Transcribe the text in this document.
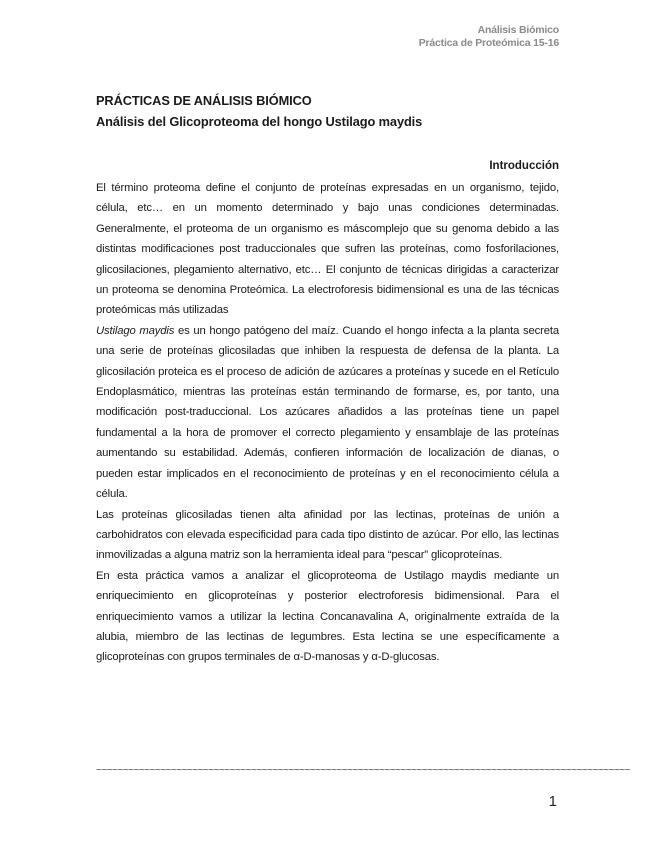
Análisis Biómico
Práctica de Proteómica 15-16
PRÁCTICAS DE ANÁLISIS BIÓMICO
Análisis del Glicoproteoma del hongo Ustilago maydis
Introducción

El término proteoma define el conjunto de proteínas expresadas en un organismo, tejido, célula, etc… en un momento determinado y bajo unas condiciones determinadas. Generalmente, el proteoma de un organismo es máscomplejo que su genoma debido a las distintas modificaciones post traduccionales que sufren las proteínas, como fosforilaciones, glicosilaciones, plegamiento alternativo, etc… El conjunto de técnicas dirigidas a caracterizar un proteoma se denomina Proteómica. La electroforesis bidimensional es una de las técnicas proteómicas más utilizadas

Ustilago maydis es un hongo patógeno del maíz. Cuando el hongo infecta a la planta secreta una serie de proteínas glicosiladas que inhiben la respuesta de defensa de la planta. La glicosilación proteica es el proceso de adición de azúcares a proteínas y sucede en el Retículo Endoplasmático, mientras las proteínas están terminando de formarse, es, por tanto, una modificación post-traduccional. Los azúcares añadidos a las proteínas tiene un papel fundamental a la hora de promover el correcto plegamiento y ensamblaje de las proteínas aumentando su estabilidad. Además, confieren información de localización de dianas, o pueden estar implicados en el reconocimiento de proteínas y en el reconocimiento célula a célula.

Las proteínas glicosiladas tienen alta afinidad por las lectinas, proteínas de unión a carbohidratos con elevada especificidad para cada tipo distinto de azúcar. Por ello, las lectinas inmovilizadas a alguna matriz son la herramienta ideal para “pescar” glicoproteínas.

En esta práctica vamos a analizar el glicoproteoma de Ustilago maydis mediante un enriquecimiento en glicoproteínas y posterior electroforesis bidimensional. Para el enriquecimiento vamos a utilizar la lectina Concanavalina A, originalmente extraída de la alubia, miembro de las lectinas de legumbres. Esta lectina se une específicamente a glicoproteínas con grupos terminales de α-D-manosas y α-D-glucosas.

~~~~~~~~~~~~~~~~~~~~~~~~~~~~~~~~~~~~~~~~~~~~~~~~~~~~~~~~~~~~~~~~~~~~~~~~~~~~~~~~~~~~~~~~~~~~~~~~~~~~
1
